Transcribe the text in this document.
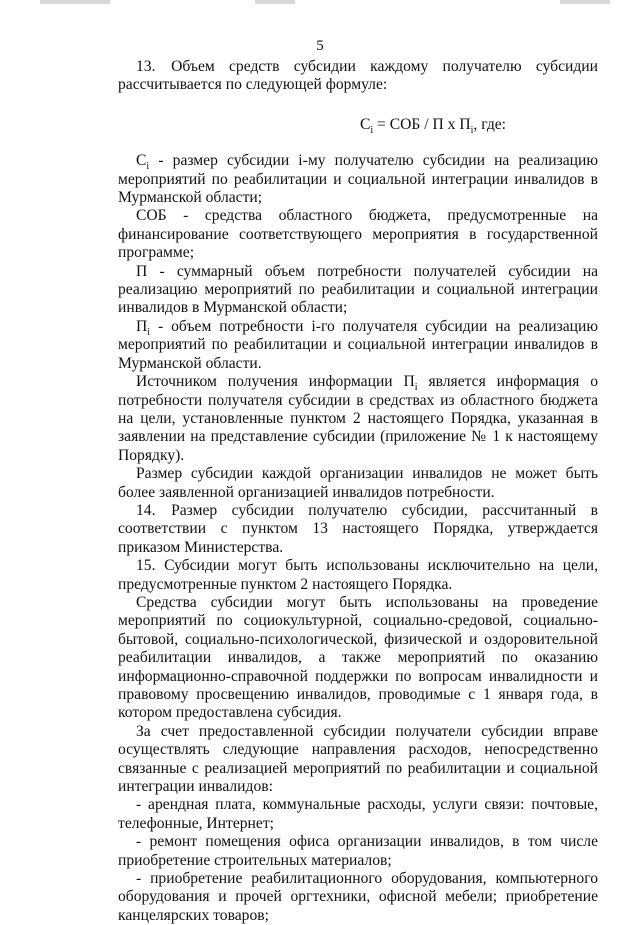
5

13. Объем средств субсидии каждому получателю субсидии рассчитывается по следующей формуле:

$C_i$ = СОБ / П х $П_i$, где:

$C_i$ - размер субсидии i-му получателю субсидии на реализацию мероприятий по реабилитации и социальной интеграции инвалидов в Мурманской области;

СОБ - средства областного бюджета, предусмотренные на финансирование соответствующего мероприятия в государственной программе;

П - суммарный объем потребности получателей субсидии на реализацию мероприятий по реабилитации и социальной интеграции инвалидов в Мурманской области;

$П_i$ - объем потребности i-го получателя субсидии на реализацию мероприятий по реабилитации и социальной интеграции инвалидов в Мурманской области.

Источником получения информации $П_i$ является информация о потребности получателя субсидии в средствах из областного бюджета на цели, установленные пунктом 2 настоящего Порядка, указанная в заявлении на представление субсидии (приложение № 1 к настоящему Порядку).

Размер субсидии каждой организации инвалидов не может быть более заявленной организацией инвалидов потребности.

14. Размер субсидии получателю субсидии, рассчитанный в соответствии с пунктом 13 настоящего Порядка, утверждается приказом Министерства.

15. Субсидии могут быть использованы исключительно на цели, предусмотренные пунктом 2 настоящего Порядка.

Средства субсидии могут быть использованы на проведение мероприятий по социокультурной, социально-средовой, социально-бытовой, социально-психологической, физической и оздоровительной реабилитации инвалидов, а также мероприятий по оказанию информационно-справочной поддержки по вопросам инвалидности и правовому просвещению инвалидов, проводимые с 1 января года, в котором предоставлена субсидия.

За счет предоставленной субсидии получатели субсидии вправе осуществлять следующие направления расходов, непосредственно связанные с реализацией мероприятий по реабилитации и социальной интеграции инвалидов:

- арендная плата, коммунальные расходы, услуги связи: почтовые, телефонные, Интернет;

- ремонт помещения офиса организации инвалидов, в том числе приобретение строительных материалов;

- приобретение реабилитационного оборудования, компьютерного оборудования и прочей оргтехники, офисной мебели; приобретение канцелярских товаров;
